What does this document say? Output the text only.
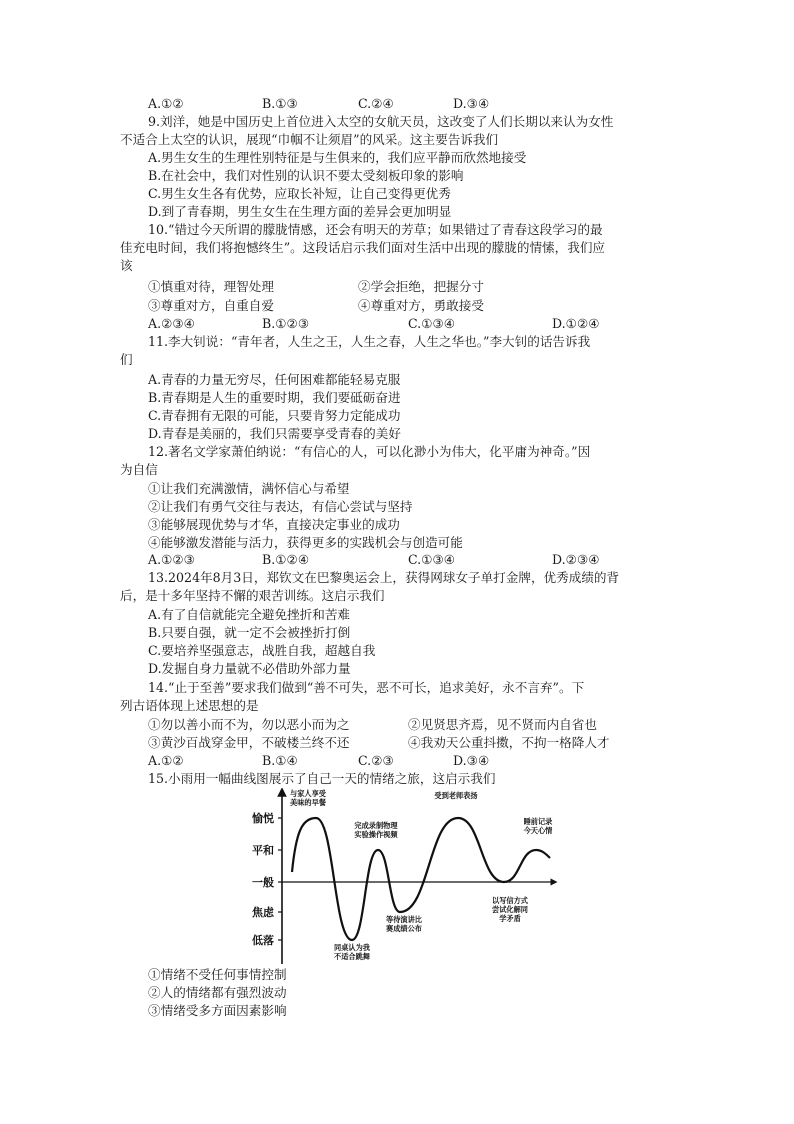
A.①②	B.①③	C.②④	D.③④
9.刘洋，她是中国历史上首位进入太空的女航天员，这改变了人们长期以来认为女性
不适合上太空的认识，展现“巾帼不让须眉”的风采。这主要告诉我们
A.男生女生的生理性别特征是与生俱来的，我们应平静而欣然地接受
B.在社会中，我们对性别的认识不要太受刻板印象的影响
C.男生女生各有优势，应取长补短，让自己变得更优秀
D.到了青春期，男生女生在生理方面的差异会更加明显
10.“错过今天所谓的朦胧情感，还会有明天的芳草；如果错过了青春这段学习的最
佳充电时间，我们将抱憾终生”。这段话启示我们面对生活中出现的朦胧的情愫，我们应
该
①慎重对待，理智处理	②学会拒绝，把握分寸
③尊重对方，自重自爱	④尊重对方，勇敢接受
A.②③④	B.①②③	C.①③④	D.①②④
11.李大钊说：“青年者，人生之王，人生之春，人生之华也。”李大钊的话告诉我
们
A.青春的力量无穷尽，任何困难都能轻易克服
B.青春期是人生的重要时期，我们要砥砺奋进
C.青春拥有无限的可能，只要肯努力定能成功
D.青春是美丽的，我们只需要享受青春的美好
12.著名文学家萧伯纳说：“有信心的人，可以化渺小为伟大，化平庸为神奇。”因
为自信
①让我们充满激情，满怀信心与希望
②让我们有勇气交往与表达，有信心尝试与坚持
③能够展现优势与才华，直接决定事业的成功
④能够激发潜能与活力，获得更多的实践机会与创造可能
A.①②③	B.①②④	C.①③④	D.②③④
13.2024年8月3日，郑钦文在巴黎奥运会上，获得网球女子单打金牌，优秀成绩的背
后，是十多年坚持不懈的艰苦训练。这启示我们
A.有了自信就能完全避免挫折和苦难
B.只要自强，就一定不会被挫折打倒
C.要培养坚强意志，战胜自我，超越自我
D.发掘自身力量就不必借助外部力量
14.“止于至善”要求我们做到“善不可失，恶不可长，追求美好，永不言弃”。下
列古语体现上述思想的是
①勿以善小而不为，勿以恶小而为之	②见贤思齐焉，见不贤而内自省也
③黄沙百战穿金甲，不破楼兰终不还	④我劝天公重抖擞，不拘一格降人才
A.①②	B.①④	C.②③	D.③④
15.小雨用一幅曲线图展示了自己一天的情绪之旅，这启示我们
愉悦
平和
一般
焦虑
低落
与家人享受
美味的早餐
同桌认为我
不适合跳舞
完成录制物理
实验操作视频
等待演讲比
赛成绩公布
受到老师表扬
以写信方式
尝试化解同
学矛盾
睡前记录
今天心情
①情绪不受任何事情控制
②人的情绪都有强烈波动
③情绪受多方面因素影响
